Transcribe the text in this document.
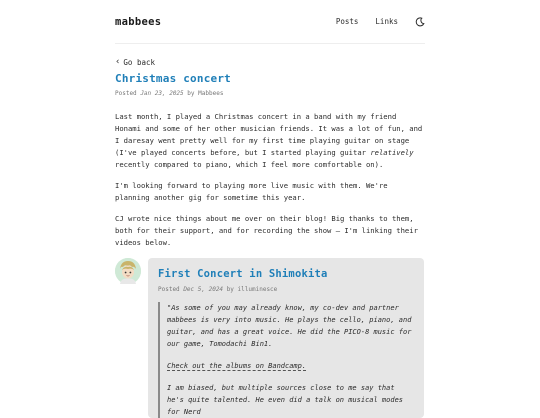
mabbees	Posts Links
‹ Go back
Christmas concert
Posted Jan 23, 2025 by Mabbees

Last month, I played a Christmas concert in a band with my friend Honami and some of her other musician friends. It was a lot of fun, and I daresay went pretty well for my first time playing guitar on stage (I've played concerts before, but I started playing guitar relatively recently compared to piano, which I feel more comfortable on).

I'm looking forward to playing more live music with them. We're planning another gig for sometime this year.

CJ wrote nice things about me over on their blog! Big thanks to them, both for their support, and for recording the show — I'm linking their videos below.

First Concert in Shimokita
Posted Dec 5, 2024 by illuminesce
"As some of you may already know, my co-dev and partner mabbees is very into music. He plays the cello, piano, and guitar, and has a great voice. He did the PICO-8 music for our game, Tomodachi Bin1.
Check out the albums on Bandcamp.
I am biased, but multiple sources close to me say that he's quite talented. He even did a talk on musical modes for Nerd
